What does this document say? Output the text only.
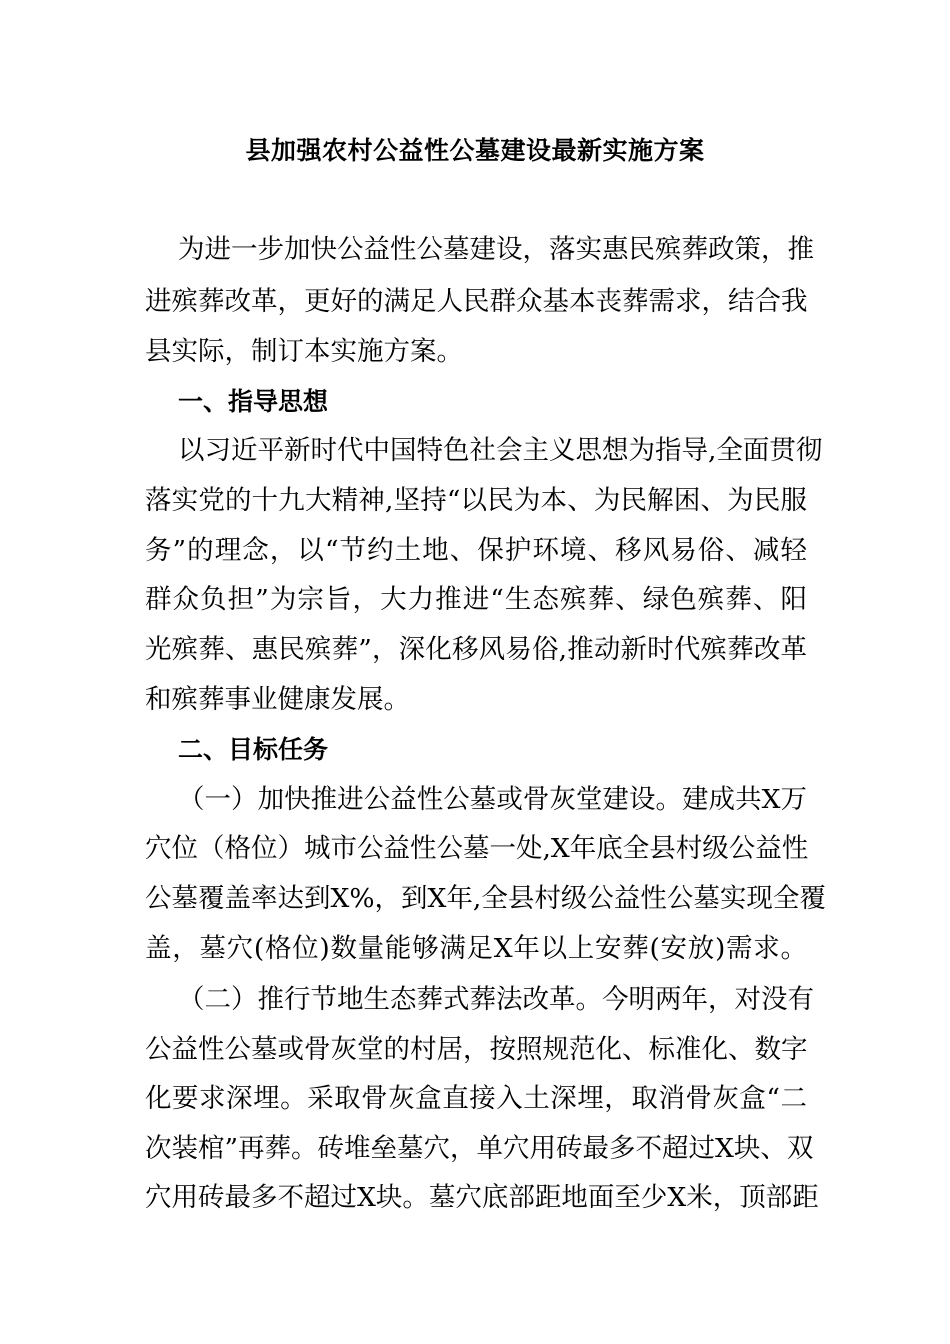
县加强农村公益性公墓建设最新实施方案
为进一步加快公益性公墓建设，落实惠民殡葬政策，推
进殡葬改革，更好的满足人民群众基本丧葬需求，结合我
县实际，制订本实施方案。
一、指导思想
以习近平新时代中国特色社会主义思想为指导,全面贯彻
落实党的十九大精神,坚持“以民为本、为民解困、为民服
务”的理念，以“节约土地、保护环境、移风易俗、减轻
群众负担”为宗旨，大力推进“生态殡葬、绿色殡葬、阳
光殡葬、惠民殡葬”，深化移风易俗,推动新时代殡葬改革
和殡葬事业健康发展。
二、目标任务
（一）加快推进公益性公墓或骨灰堂建设。建成共X万
穴位（格位）城市公益性公墓一处,X年底全县村级公益性
公墓覆盖率达到X%，到X年,全县村级公益性公墓实现全覆
盖，墓穴(格位)数量能够满足X年以上安葬(安放)需求。
（二）推行节地生态葬式葬法改革。今明两年，对没有
公益性公墓或骨灰堂的村居，按照规范化、标准化、数字
化要求深埋。采取骨灰盒直接入土深埋，取消骨灰盒“二
次装棺”再葬。砖堆垒墓穴，单穴用砖最多不超过X块、双
穴用砖最多不超过X块。墓穴底部距地面至少X米，顶部距
